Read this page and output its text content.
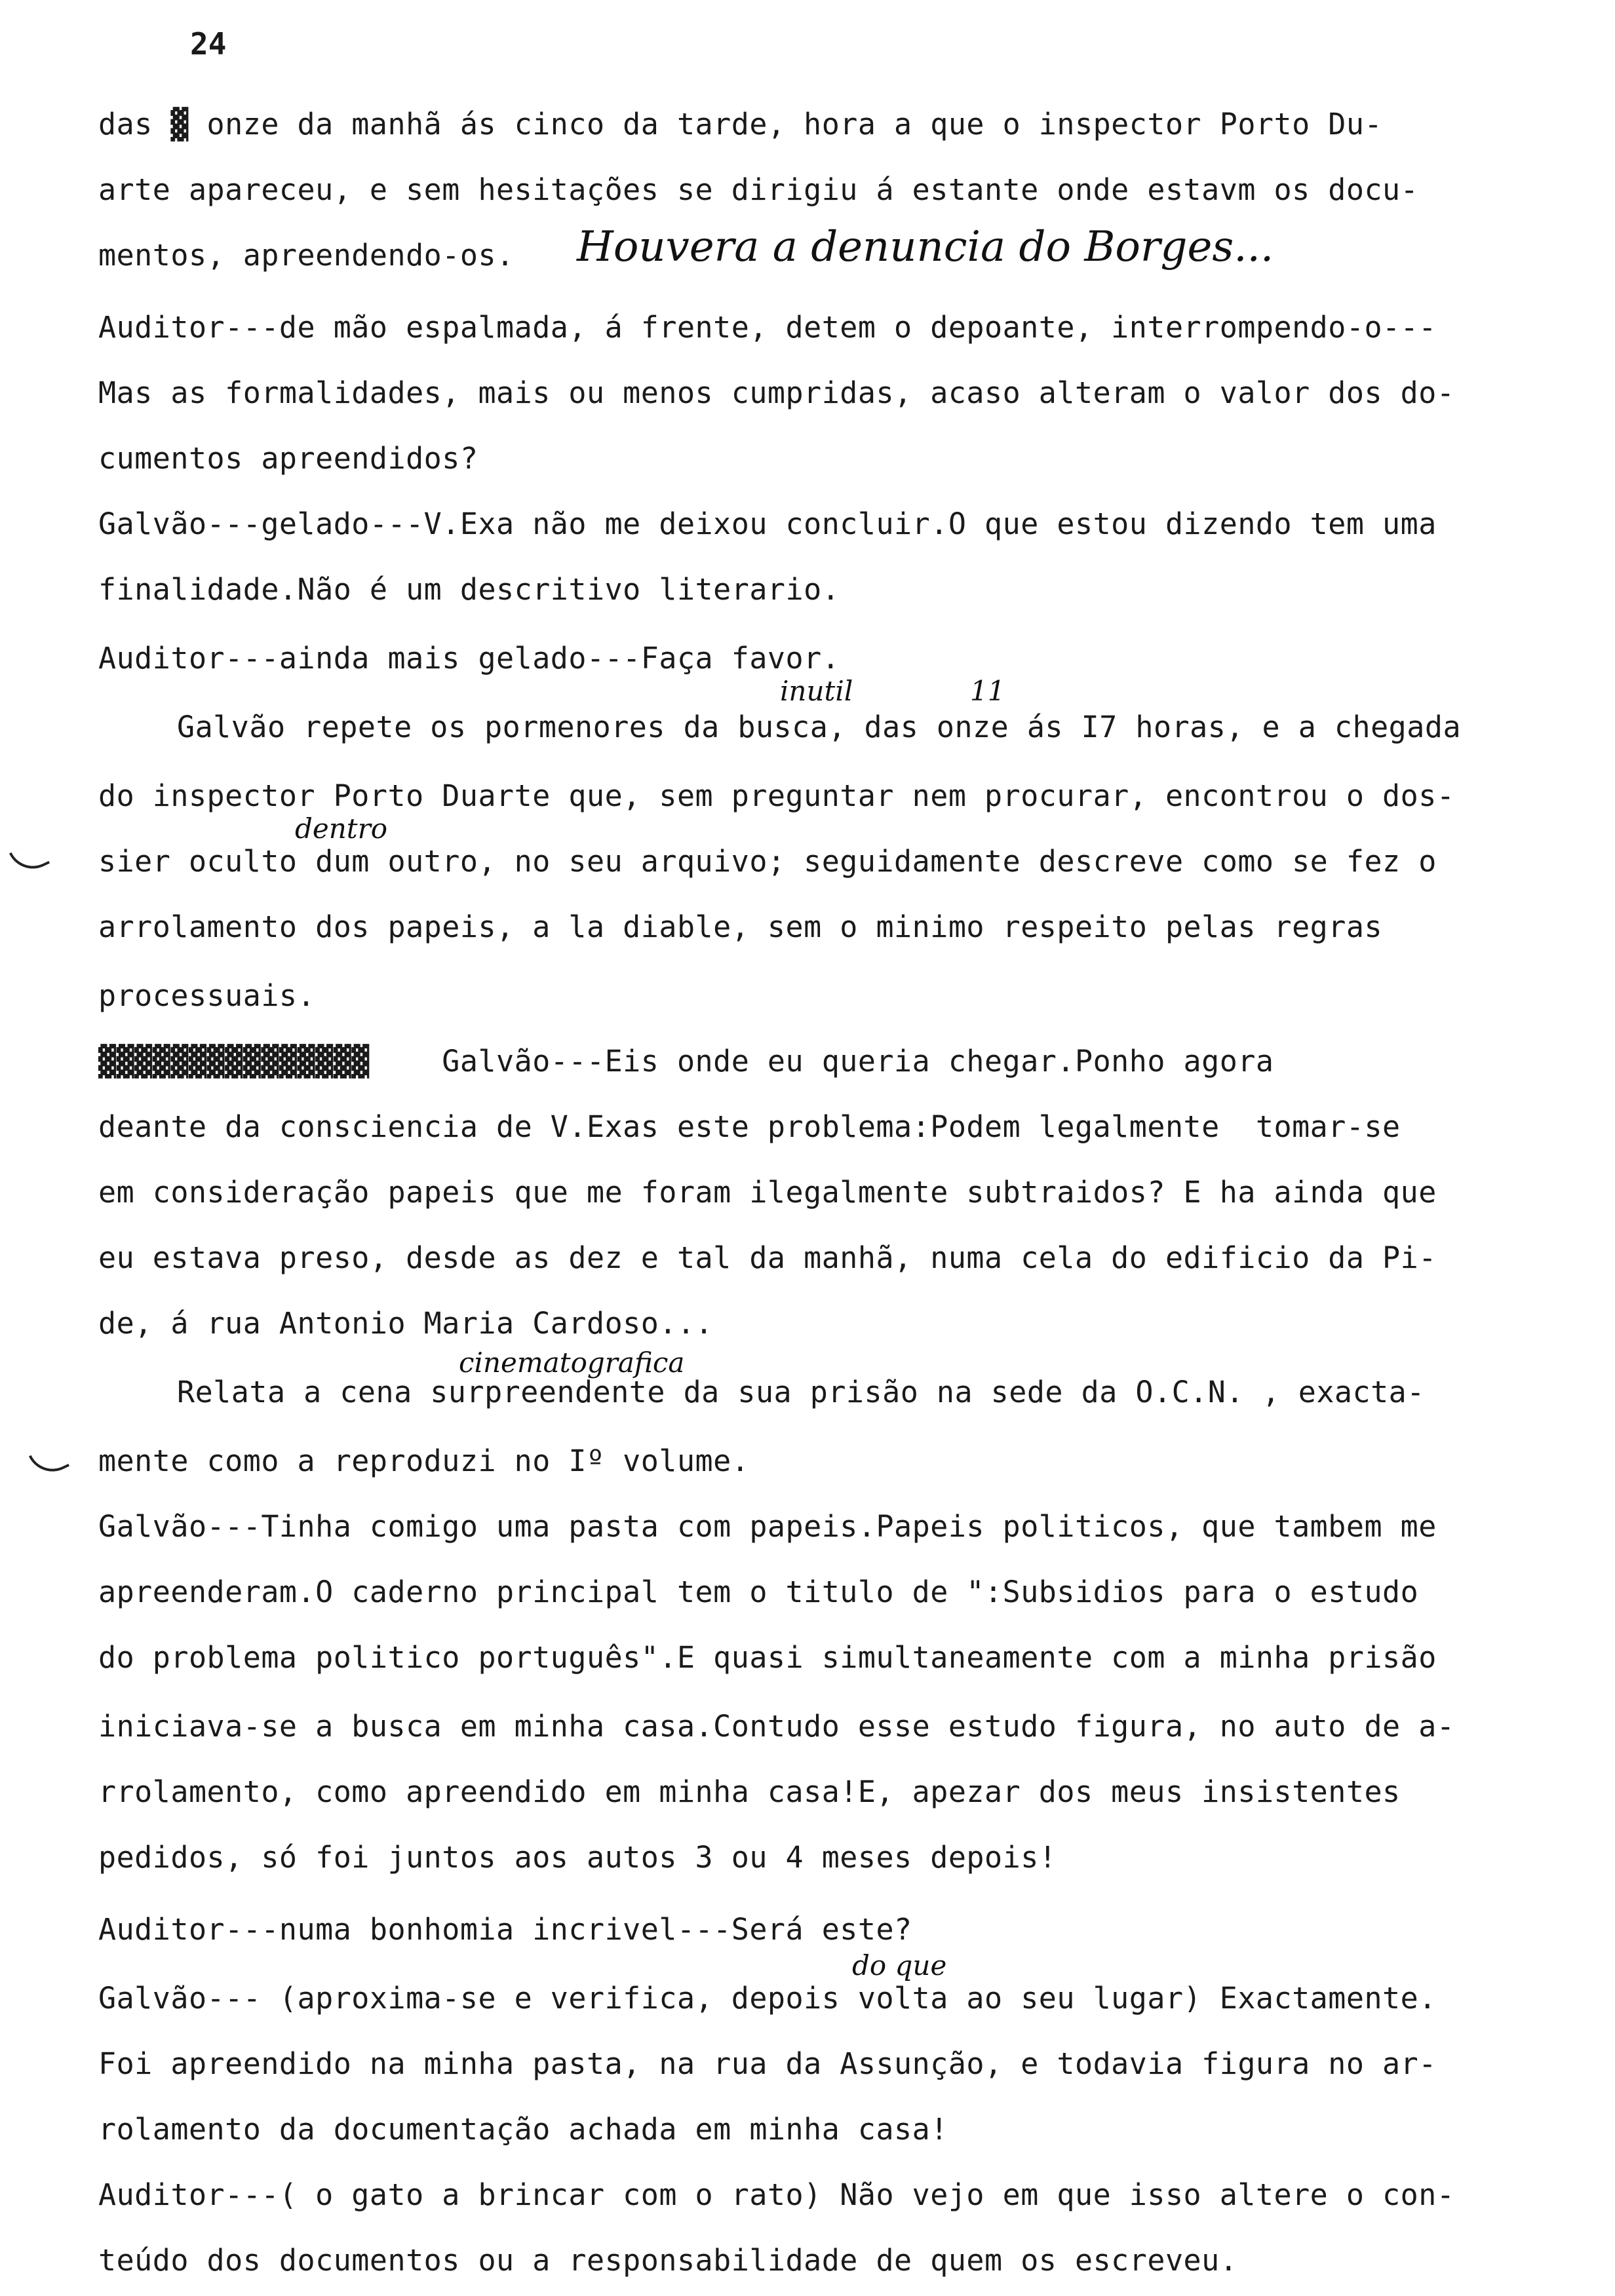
24
das ▓ onze da manhã ás cinco da tarde, hora a que o inspector Porto Du-
arte apareceu, e sem hesitações se dirigiu á estante onde estavm os docu-
mentos, apreendendo-os.
Auditor---de mão espalmada, á frente, detem o depoante, interrompendo-o---
Mas as formalidades, mais ou menos cumpridas, acaso alteram o valor dos do-
cumentos apreendidos?
Galvão---gelado---V.Exa não me deixou concluir.O que estou dizendo tem uma
finalidade.Não é um descritivo literario.
Auditor---ainda mais gelado---Faça favor.
Galvão repete os pormenores da busca, das onze ás I7 horas, e a chegada
do inspector Porto Duarte que, sem preguntar nem procurar, encontrou o dos-
sier oculto dum outro, no seu arquivo; seguidamente descreve como se fez o
arrolamento dos papeis, a la diable, sem o minimo respeito pelas regras
processuais.
▓▓▓▓▓▓▓▓▓▓▓▓▓▓▓    Galvão---Eis onde eu queria chegar.Ponho agora
deante da consciencia de V.Exas este problema:Podem legalmente  tomar-se
em consideração papeis que me foram ilegalmente subtraidos? E ha ainda que
eu estava preso, desde as dez e tal da manhã, numa cela do edificio da Pi-
de, á rua Antonio Maria Cardoso...
Relata a cena surpreendente da sua prisão na sede da O.C.N. , exacta-
mente como a reproduzi no Iº volume.
Galvão---Tinha comigo uma pasta com papeis.Papeis politicos, que tambem me
apreenderam.O caderno principal tem o titulo de ":Subsidios para o estudo
do problema politico português".E quasi simultaneamente com a minha prisão
iniciava-se a busca em minha casa.Contudo esse estudo figura, no auto de a-
rrolamento, como apreendido em minha casa!E, apezar dos meus insistentes
pedidos, só foi juntos aos autos 3 ou 4 meses depois!
Auditor---numa bonhomia incrivel---Será este?
Galvão--- (aproxima-se e verifica, depois volta ao seu lugar) Exactamente.
Foi apreendido na minha pasta, na rua da Assunção, e todavia figura no ar-
rolamento da documentação achada em minha casa!
Auditor---( o gato a brincar com o rato) Não vejo em que isso altere o con-
teúdo dos documentos ou a responsabilidade de quem os escreveu.
Houvera a denuncia do Borges...
inutil	11
dentro
cinematografica
do que
